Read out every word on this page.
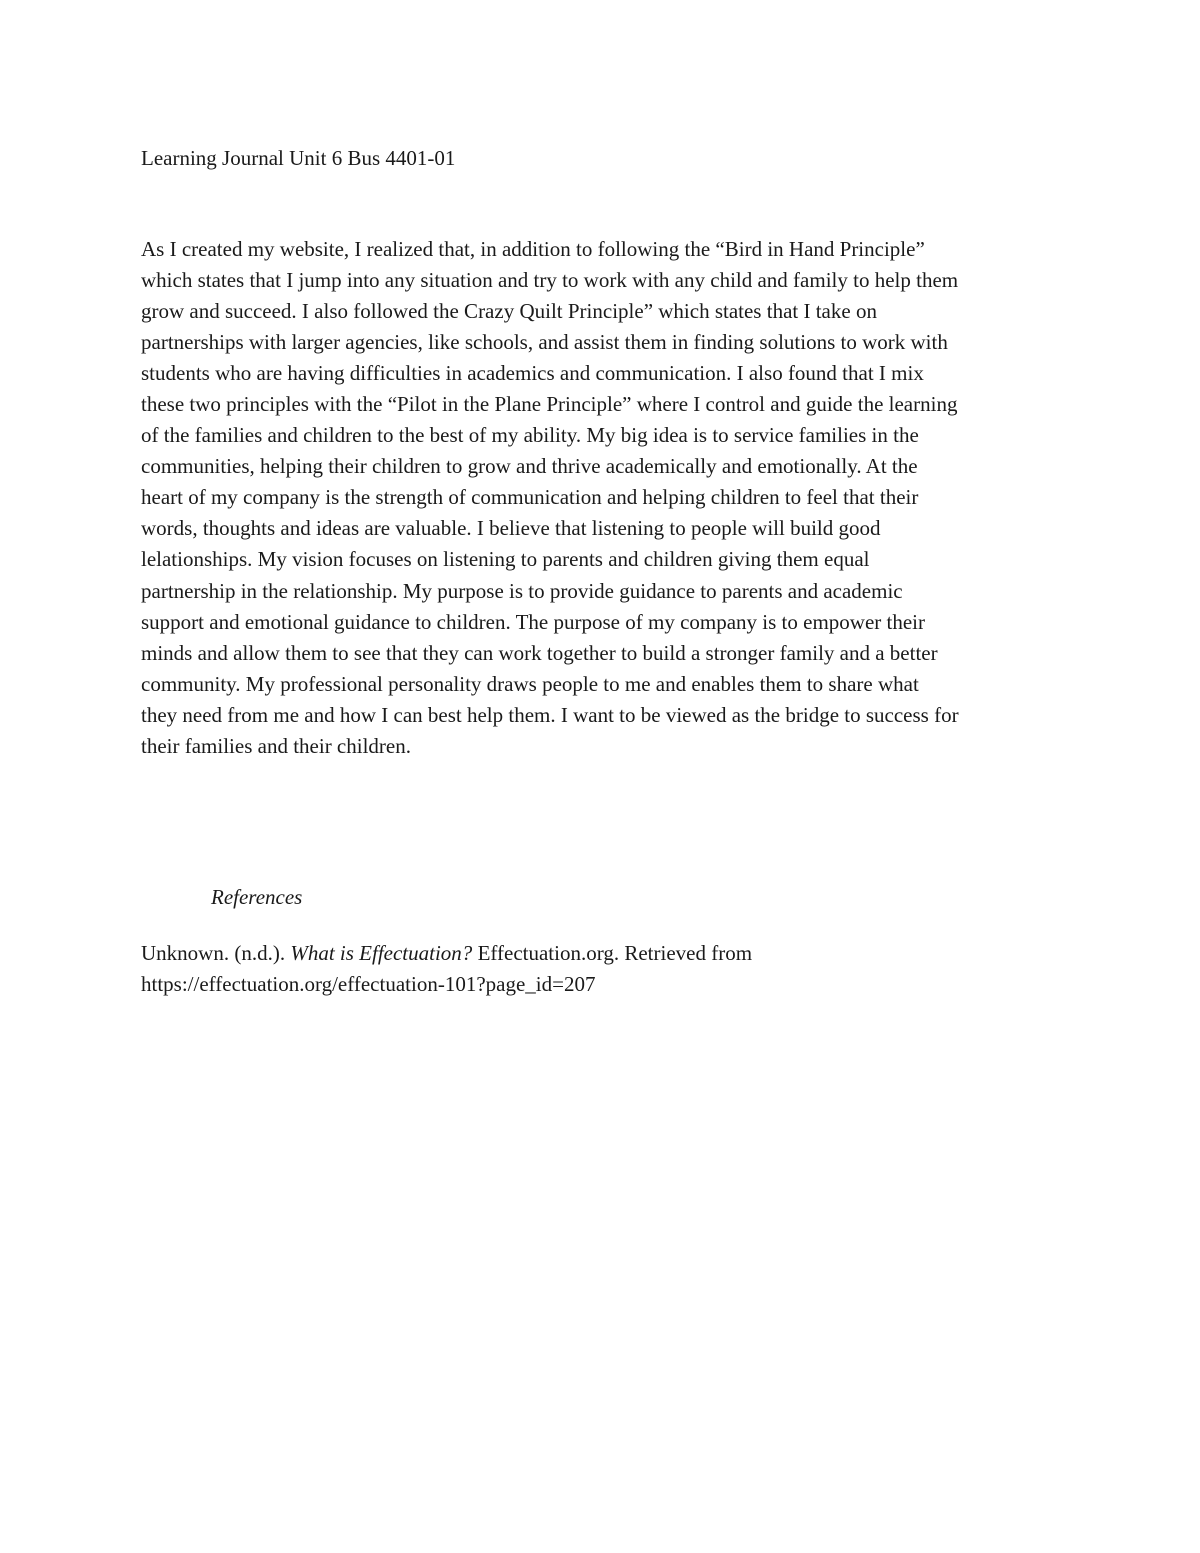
Learning Journal Unit 6 Bus 4401-01
As I created my website, I realized that, in addition to following the “Bird in Hand Principle”
which states that I jump into any situation and try to work with any child and family to help them
grow and succeed. I also followed the Crazy Quilt Principle” which states that I take on
partnerships with larger agencies, like schools, and assist them in finding solutions to work with
students who are having difficulties in academics and communication. I also found that I mix
these two principles with the “Pilot in the Plane Principle” where I control and guide the learning
of the families and children to the best of my ability. My big idea is to service families in the
communities, helping their children to grow and thrive academically and emotionally. At the
heart of my company is the strength of communication and helping children to feel that their
words, thoughts and ideas are valuable. I believe that listening to people will build good
lelationships. My vision focuses on listening to parents and children giving them equal
partnership in the relationship. My purpose is to provide guidance to parents and academic
support and emotional guidance to children. The purpose of my company is to empower their
minds and allow them to see that they can work together to build a stronger family and a better
community. My professional personality draws people to me and enables them to share what
they need from me and how I can best help them. I want to be viewed as the bridge to success for
their families and their children.
References
Unknown. (n.d.). What is Effectuation? Effectuation.org. Retrieved from
https://effectuation.org/effectuation-101?page_id=207
